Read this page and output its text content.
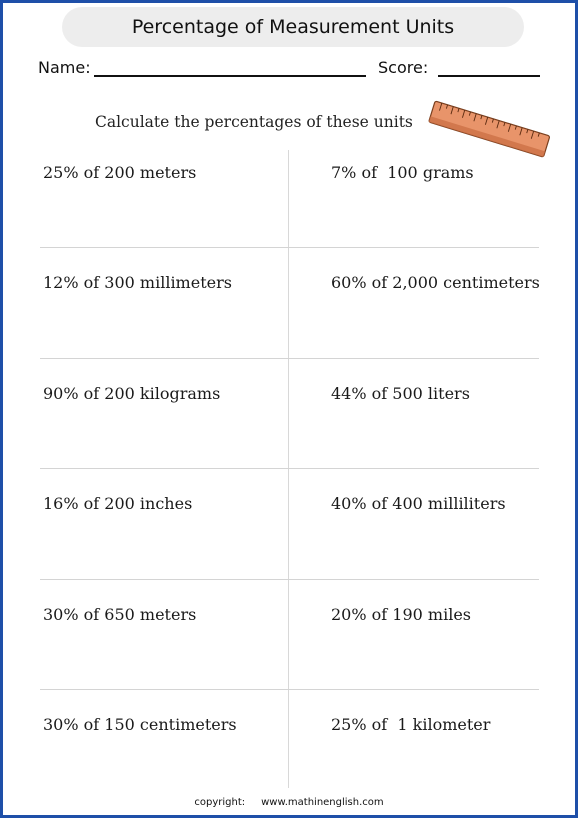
Percentage of Measurement Units
Name:	Score:
Calculate the percentages of these units
25% of 200 meters	7% of  100 grams
12% of 300 millimeters	60% of 2,000 centimeters
90% of 200 kilograms	44% of 500 liters
16% of 200 inches	40% of 400 milliliters
30% of 650 meters	20% of 190 miles
30% of 150 centimeters	25% of  1 kilometer
copyright: www.mathinenglish.com
